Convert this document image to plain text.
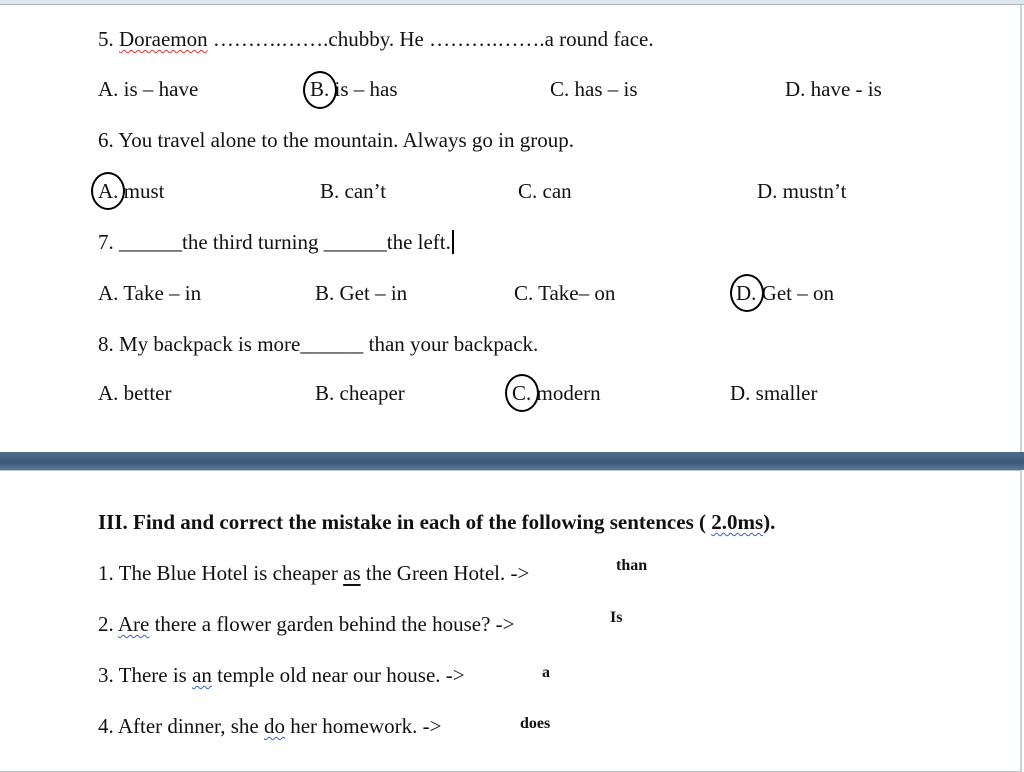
5. Doraemon ……….…….chubby. He ……….…….a round face.
A. is – have	B. is – has	C. has – is	D. have - is
6. You travel alone to the mountain. Always go in group.
A. must	B. can’t	C. can	D. mustn’t
7. ______the third turning ______the left.
A. Take – in	B. Get – in	C. Take– on	D. Get – on
8. My backpack is more______ than your backpack.
A. better	B. cheaper	C. modern	D. smaller
III. Find and correct the mistake in each of the following sentences ( 2.0ms).
1. The Blue Hotel is cheaper as the Green Hotel. ->	than
2. Are there a flower garden behind the house? ->	Is
3. There is an temple old near our house. ->	a
4. After dinner, she do her homework. ->	does
